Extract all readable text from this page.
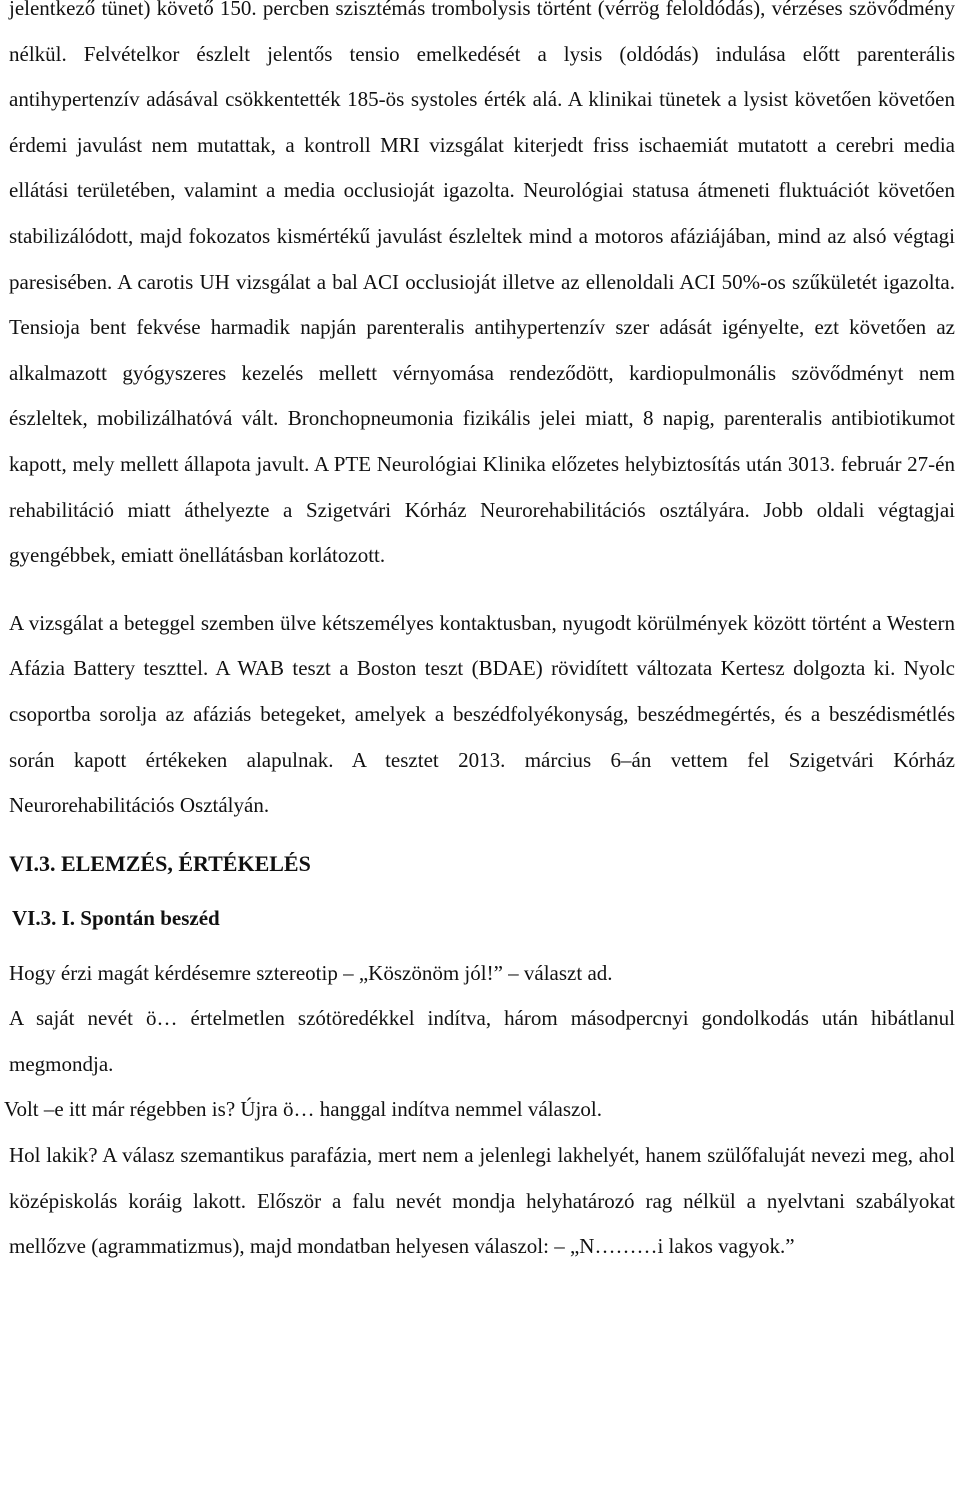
jelentkező tünet) követő 150. percben szisztémás trombolysis történt (vérrög feloldódás), vérzéses szövődmény nélkül. Felvételkor észlelt jelentős tensio emelkedését a lysis (oldódás) indulása előtt parenterális antihypertenzív adásával csökkentették 185-ös systoles érték alá. A klinikai tünetek a lysist követően követően érdemi javulást nem mutattak, a kontroll MRI vizsgálat kiterjedt friss ischaemiát mutatott a cerebri media ellátási területében, valamint a media occlusioját igazolta. Neurológiai statusa átmeneti fluktuációt követően stabilizálódott, majd fokozatos kismértékű javulást észleltek mind a motoros afáziájában, mind az alsó végtagi paresisében. A carotis UH vizsgálat a bal ACI occlusioját illetve az ellenoldali ACI 50%-os szűkületét igazolta. Tensioja bent fekvése harmadik napján parenteralis antihypertenzív szer adását igényelte, ezt követően az alkalmazott gyógyszeres kezelés mellett vérnyomása rendeződött, kardiopulmonális szövődményt nem észleltek, mobilizálhatóvá vált. Bronchopneumonia fizikális jelei miatt, 8 napig, parenteralis antibiotikumot kapott, mely mellett állapota javult. A PTE Neurológiai Klinika előzetes helybiztosítás után 3013. február 27-én rehabilitáció miatt áthelyezte a Szigetvári Kórház Neurorehabilitációs osztályára. Jobb oldali végtagjai gyengébbek, emiatt önellátásban korlátozott.

A vizsgálat a beteggel szemben ülve kétszemélyes kontaktusban, nyugodt körülmények között történt a Western Afázia Battery teszttel. A WAB teszt a Boston teszt (BDAE) rövidített változata Kertesz dolgozta ki. Nyolc csoportba sorolja az afáziás betegeket, amelyek a beszédfolyékonyság, beszédmegértés, és a beszédismétlés során kapott értékeken alapulnak. A tesztet 2013. március 6–án vettem fel Szigetvári Kórház Neurorehabilitációs Osztályán.

VI.3. ELEMZÉS, ÉRTÉKELÉS
VI.3. I. Spontán beszéd

Hogy érzi magát kérdésemre sztereotip – „Köszönöm jól!” – választ ad.

A saját nevét ö… értelmetlen szótöredékkel indítva, három másodpercnyi gondolkodás után hibátlanul megmondja.

Volt –e itt már régebben is? Újra ö… hanggal indítva nemmel válaszol.

Hol lakik? A válasz szemantikus parafázia, mert nem a jelenlegi lakhelyét, hanem szülőfaluját nevezi meg, ahol középiskolás koráig lakott. Először a falu nevét mondja helyhatározó rag nélkül a nyelvtani szabályokat mellőzve (agrammatizmus), majd mondatban helyesen válaszol: – „N………i lakos vagyok.”
